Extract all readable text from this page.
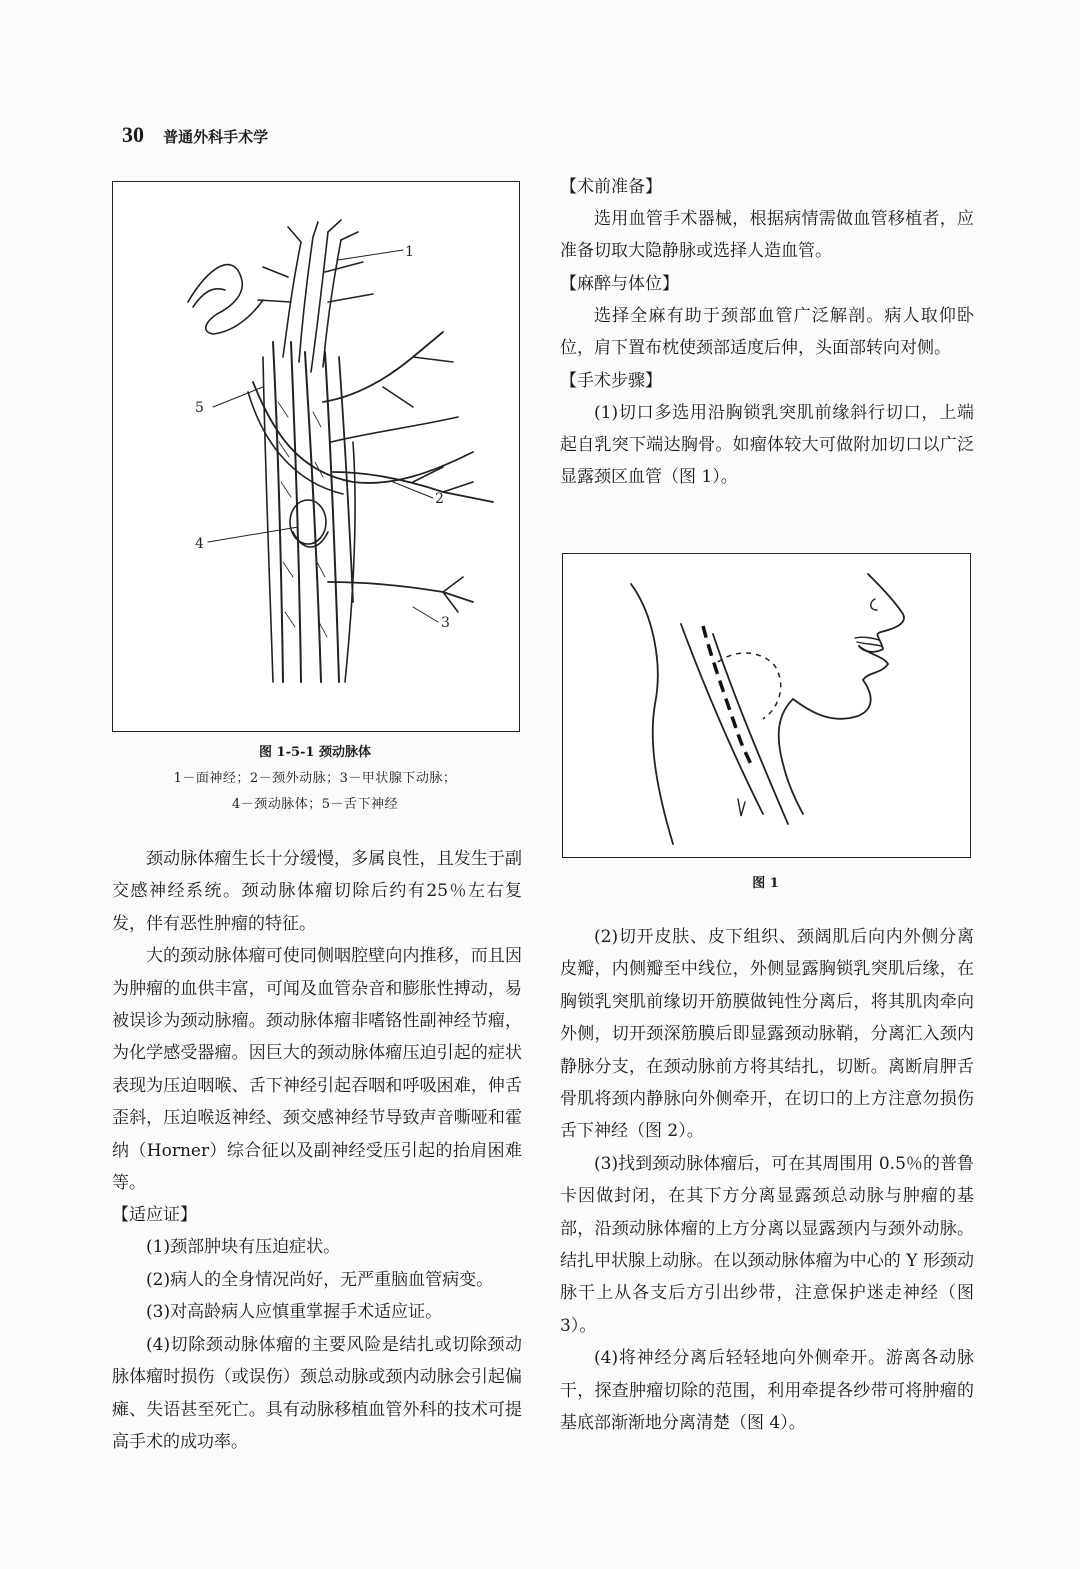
30 普通外科手术学
1
2
3
4
5
图 1-5-1 颈动脉体
1－面神经；2－颈外动脉；3－甲状腺下动脉；
4－颈动脉体；5－舌下神经

颈动脉体瘤生长十分缓慢，多属良性，且发生于副交感神经系统。颈动脉体瘤切除后约有25％左右复发，伴有恶性肿瘤的特征。

大的颈动脉体瘤可使同侧咽腔壁向内推移，而且因为肿瘤的血供丰富，可闻及血管杂音和膨胀性搏动，易被误诊为颈动脉瘤。颈动脉体瘤非嗜铬性副神经节瘤，为化学感受器瘤。因巨大的颈动脉体瘤压迫引起的症状表现为压迫咽喉、舌下神经引起吞咽和呼吸困难，伸舌歪斜，压迫喉返神经、颈交感神经节导致声音嘶哑和霍纳（Horner）综合征以及副神经受压引起的抬肩困难等。

【适应证】

(1)颈部肿块有压迫症状。

(2)病人的全身情况尚好，无严重脑血管病变。

(3)对高龄病人应慎重掌握手术适应证。

(4)切除颈动脉体瘤的主要风险是结扎或切除颈动脉体瘤时损伤（或误伤）颈总动脉或颈内动脉会引起偏瘫、失语甚至死亡。具有动脉移植血管外科的技术可提高手术的成功率。

【术前准备】

选用血管手术器械，根据病情需做血管移植者，应准备切取大隐静脉或选择人造血管。

【麻醉与体位】

选择全麻有助于颈部血管广泛解剖。病人取仰卧位，肩下置布枕使颈部适度后伸，头面部转向对侧。

【手术步骤】

(1)切口多选用沿胸锁乳突肌前缘斜行切口，上端起自乳突下端达胸骨。如瘤体较大可做附加切口以广泛显露颈区血管（图 1）。

图 1

(2)切开皮肤、皮下组织、颈阔肌后向内外侧分离皮瓣，内侧瓣至中线位，外侧显露胸锁乳突肌后缘，在胸锁乳突肌前缘切开筋膜做钝性分离后，将其肌肉牵向外侧，切开颈深筋膜后即显露颈动脉鞘，分离汇入颈内静脉分支，在颈动脉前方将其结扎，切断。离断肩胛舌骨肌将颈内静脉向外侧牵开，在切口的上方注意勿损伤舌下神经（图 2）。

(3)找到颈动脉体瘤后，可在其周围用 0.5％的普鲁卡因做封闭，在其下方分离显露颈总动脉与肿瘤的基部，沿颈动脉体瘤的上方分离以显露颈内与颈外动脉。结扎甲状腺上动脉。在以颈动脉体瘤为中心的 Y 形颈动脉干上从各支后方引出纱带，注意保护迷走神经（图 3）。

(4)将神经分离后轻轻地向外侧牵开。游离各动脉干，探查肿瘤切除的范围，利用牵提各纱带可将肿瘤的基底部渐渐地分离清楚（图 4）。
